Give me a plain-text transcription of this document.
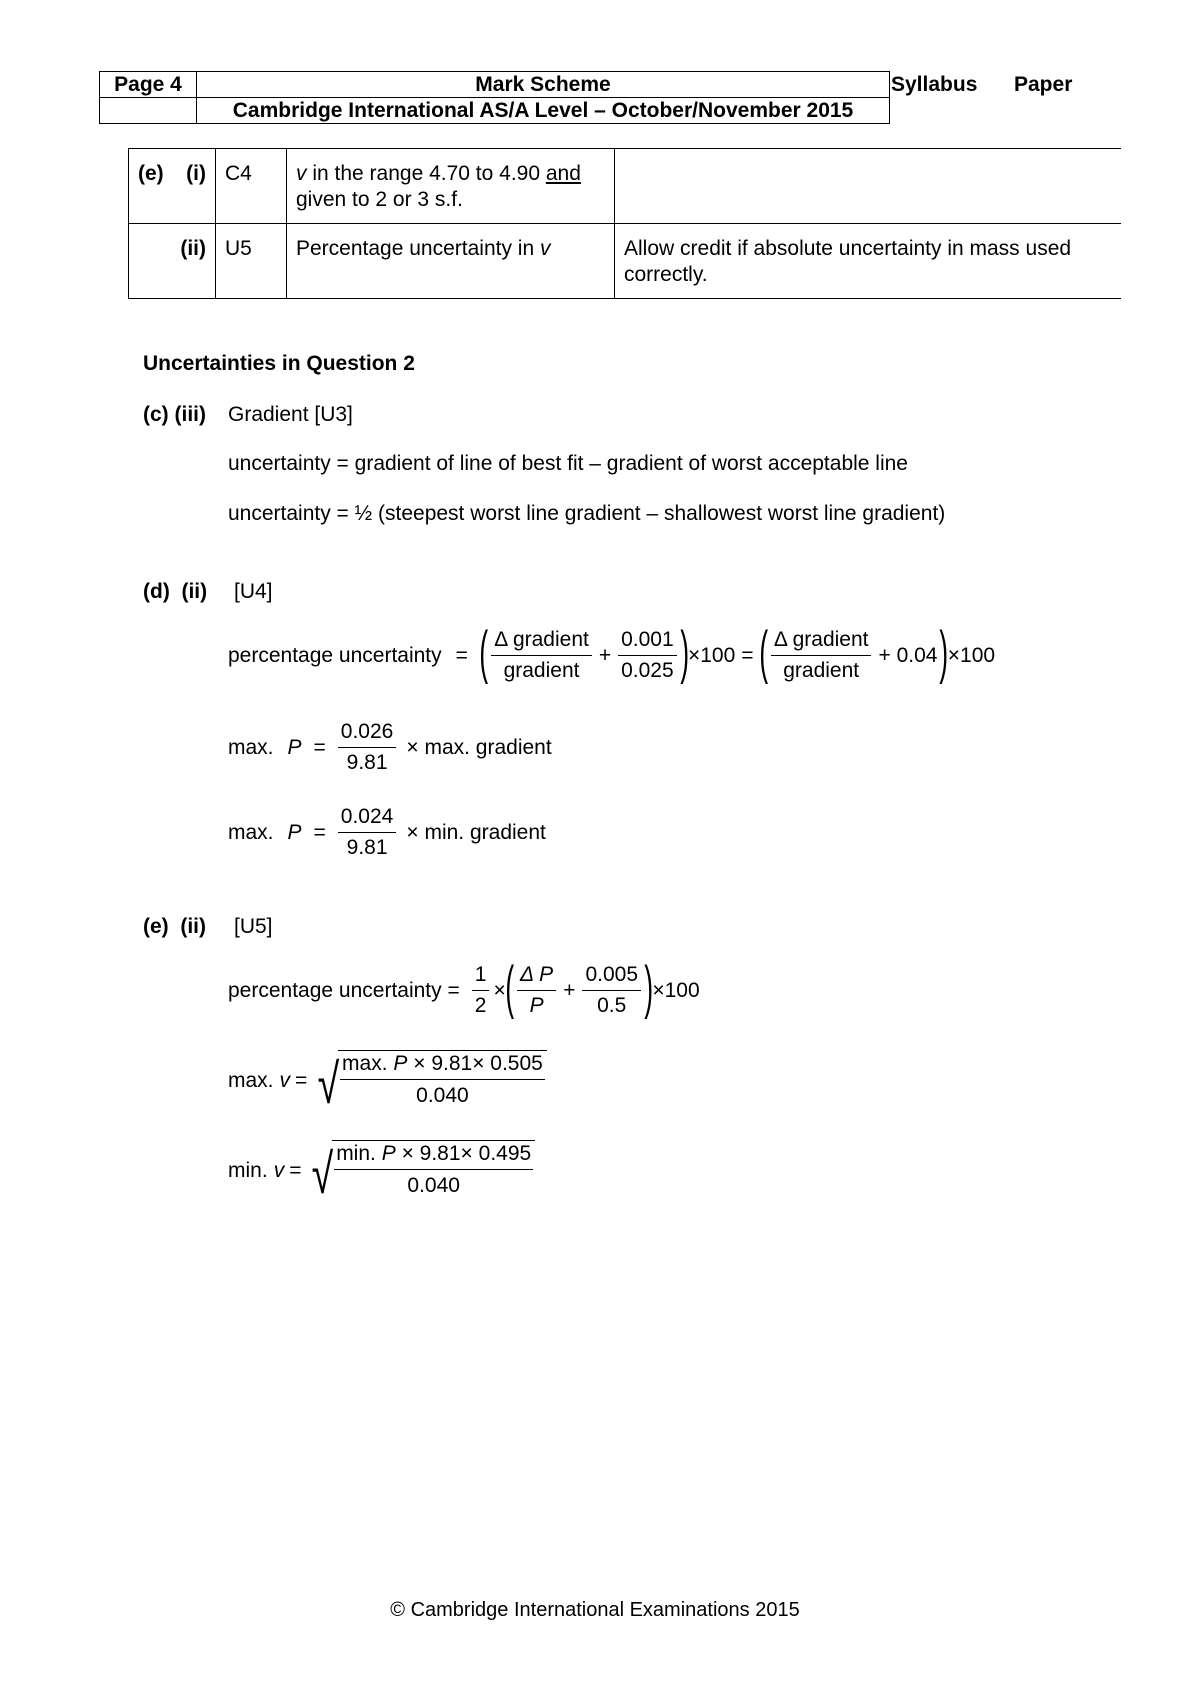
Page 4	Mark Scheme
	Cambridge International AS/A Level – October/November 2015
Syllabus Paper
(e) (i)	C4	v in the range 4.70 to 4.90 and
given to 2 or 3 s.f.	

(ii)	U5	Percentage uncertainty in v	Allow credit if absolute uncertainty in mass used correctly.
Uncertainties in Question 2
(c) (iii) Gradient [U3]
uncertainty = gradient of line of best fit – gradient of worst acceptable line
uncertainty = ½ (steepest worst line gradient – shallowest worst line gradient)
(d)  (ii) [U4]
percentage uncertainty = ( $\frac{\text{Δ gradient}}{\text{gradient}} + \frac{0.001}{0.025}$ ) ×100 = ( $\frac{\text{Δ gradient}}{\text{gradient}} + 0.04$ ) ×100
max. $P = \frac{0.026}{9.81} \times \max$. gradient
max. $P = \frac{0.024}{9.81} \times \min$. gradient
(e)  (ii) [U5]
percentage uncertainty = $\frac{1}{2}$ × ( $\frac{\text{Δ P}}{P} + \frac{0.005}{0.5}$ ) ×100
max. v = √ max. P × 9.81× 0.505
0.040
min. v = √ min. P × 9.81× 0.495
0.040
© Cambridge International Examinations 2015
